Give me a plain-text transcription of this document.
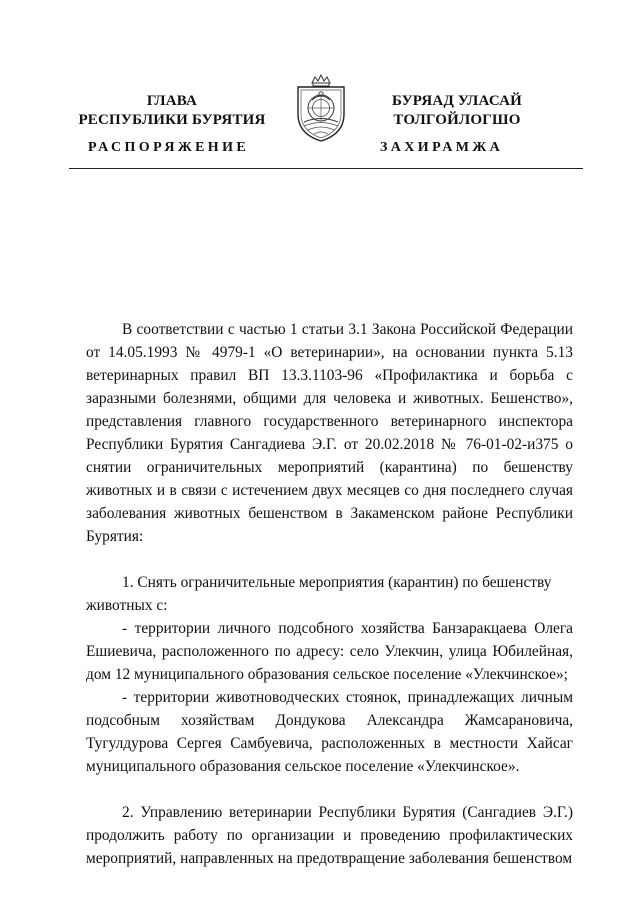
ГЛАВА
РЕСПУБЛИКИ БУРЯТИЯ
БУРЯАД УЛАСАЙ
ТОЛГОЙЛОГШО
РАСПОРЯЖЕНИЕ	ЗАХИРАМЖА

В соответствии с частью 1 статьи 3.1 Закона Российской Федерации от 14.05.1993 № 4979-1 «О ветеринарии», на основании пункта 5.13 ветеринарных правил ВП 13.3.1103-96 «Профилактика и борьба с заразными болезнями, общими для человека и животных. Бешенство», представления главного государственного ветеринарного инспектора Республики Бурятия Сангадиева Э.Г. от 20.02.2018 № 76-01-02-и375 о снятии ограничительных мероприятий (карантина) по бешенству животных и в связи с истечением двух месяцев со дня последнего случая заболевания животных бешенством в Закаменском районе Республики Бурятия:

1. Снять ограничительные мероприятия (карантин) по бешенству

животных с:

- территории личного подсобного хозяйства Банзаракцаева Олега Ешиевича, расположенного по адресу: село Улекчин, улица Юбилейная, дом 12 муниципального образования сельское поселение «Улекчинское»;

- территории животноводческих стоянок, принадлежащих личным подсобным хозяйствам Дондукова Александра Жамсарановича, Тугулдурова Сергея Самбуевича, расположенных в местности Хайсаг муниципального образования сельское поселение «Улекчинское».

2. Управлению ветеринарии Республики Бурятия (Сангадиев Э.Г.) продолжить работу по организации и проведению профилактических мероприятий, направленных на предотвращение заболевания бешенством
